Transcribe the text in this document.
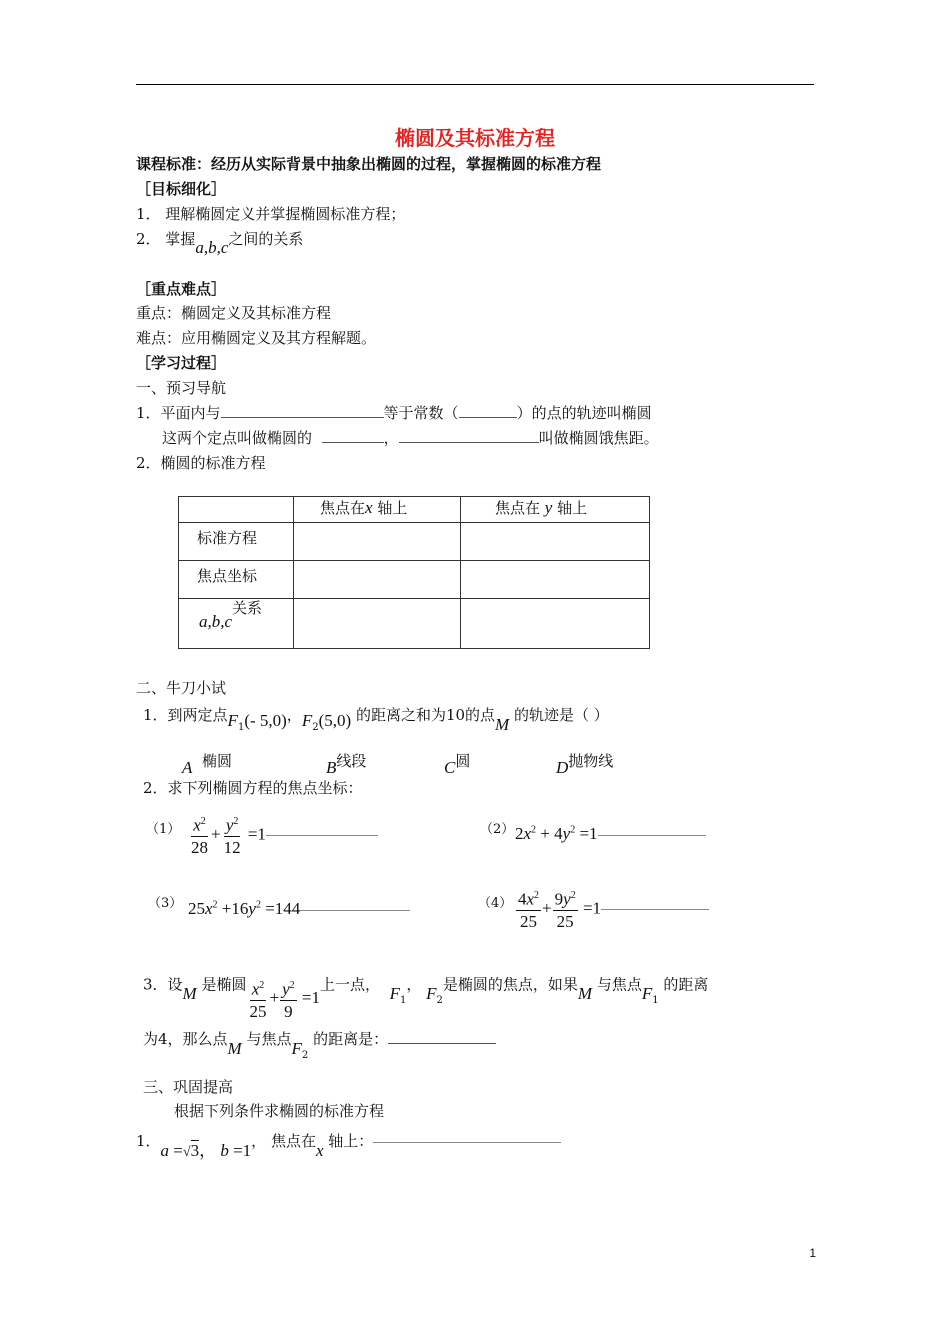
椭圆及其标准方程
课程标准：经历从实际背景中抽象出椭圆的过程，掌握椭圆的标准方程
［目标细化］
1． 理解椭圆定义并掌握椭圆标准方程；
2． 掌握a,b,c之间的关系
［重点难点］
重点：椭圆定义及其标准方程
难点：应用椭圆定义及其方程解题。
［学习过程］
一、预习导航
1．平面内与	等于常数（	）的点的轨迹叫椭圆
这两个定点叫做椭圆的	，	叫做椭圆饿焦距。
2．椭圆的标准方程
	焦点在x 轴上	焦点在 y 轴上
标准方程		
焦点坐标		
a,b,c关系		
二、牛刀小试
1．到两定点$F_1(-$ 5,0)，$F_2(5,0)$ 的距离之和为10的点M 的轨迹是（ ）
A 椭圆	B线段	C圆	D抛物线
2．求下列椭圆方程的焦点坐标：
$(1) \frac{x^2}{28} + \frac{y^2}{12} =1$	（2） $2x^2 + 4y^2 =1$
（3） $25x^2 +16y^2 =144$	$(4) \frac{4x^2}{25} + \frac{9y^2}{25} =1$
3．设M 是椭圆 $\frac{x^2}{25} + \frac{y^2}{9} =1$上一点， $F_1$， $F_2$是椭圆的焦点，如果M 与焦点$F_1$ 的距离
为4，那么点M 与焦点$F_2$ 的距离是：
三、巩固提高
根据下列条件求椭圆的标准方程
1．a =√3， b =1， 焦点在x 轴上：
1
